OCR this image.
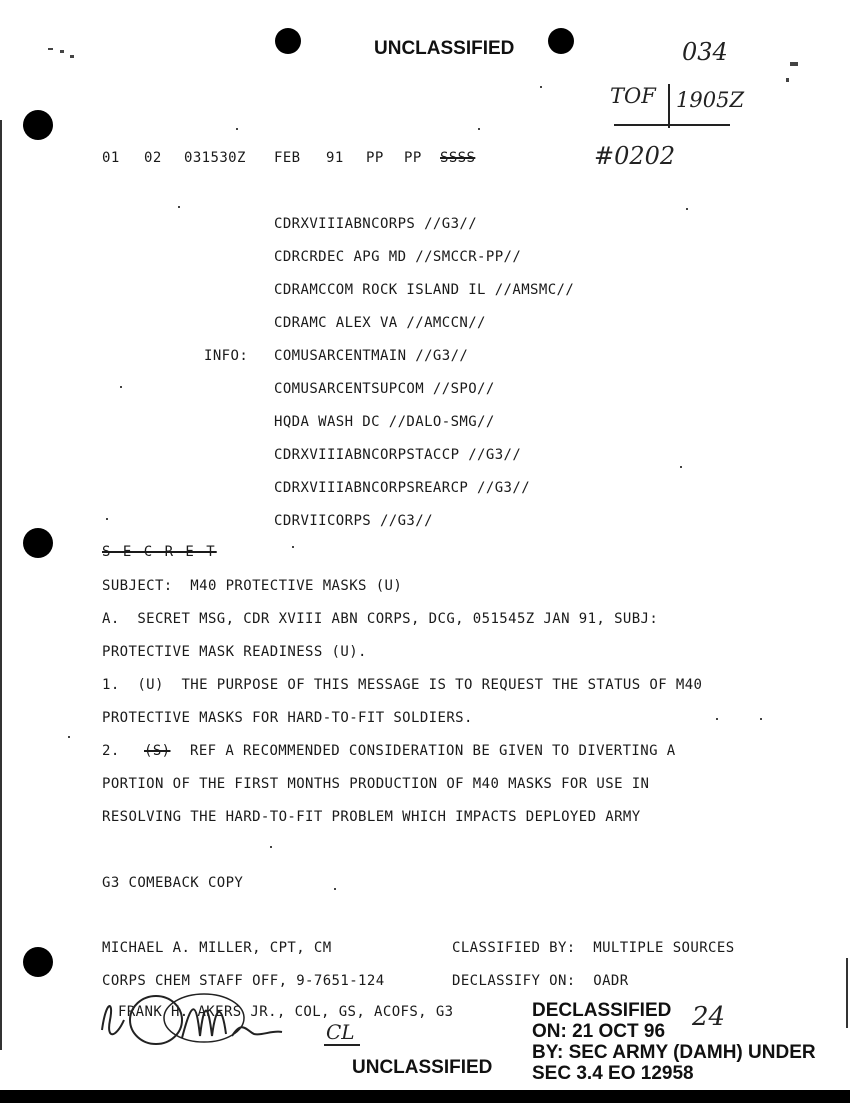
UNCLASSIFIED	034
TOF 1905Z
#0202
01 02 031530Z FEB 91 PP PP SSSS
CDRXVIIIABNCORPS //G3//
CDRCRDEC APG MD //SMCCR-PP//
CDRAMCCOM ROCK ISLAND IL //AMSMC//
CDRAMC ALEX VA //AMCCN//
INFO: COMUSARCENTMAIN //G3//
COMUSARCENTSUPCOM //SPO//
HQDA WASH DC //DALO-SMG//
CDRXVIIIABNCORPSTACCP //G3//
CDRXVIIIABNCORPSREARCP //G3//
CDRVIICORPS //G3//
S E C R E T
SUBJECT:  M40 PROTECTIVE MASKS (U)
A.  SECRET MSG, CDR XVIII ABN CORPS, DCG, 051545Z JAN 91, SUBJ:
PROTECTIVE MASK READINESS (U).
1.  (U)  THE PURPOSE OF THIS MESSAGE IS TO REQUEST THE STATUS OF M40
PROTECTIVE MASKS FOR HARD-TO-FIT SOLDIERS.
2. (S) REF A RECOMMENDED CONSIDERATION BE GIVEN TO DIVERTING A
PORTION OF THE FIRST MONTHS PRODUCTION OF M40 MASKS FOR USE IN
RESOLVING THE HARD-TO-FIT PROBLEM WHICH IMPACTS DEPLOYED ARMY
G3 COMEBACK COPY
MICHAEL A. MILLER, CPT, CM	CLASSIFIED BY:  MULTIPLE SOURCES
CORPS CHEM STAFF OFF, 9-7651-124	DECLASSIFY ON:  OADR
FRANK H. AKERS JR., COL, GS, ACOFS, G3
CL
DECLASSIFIED
ON: 21 OCT 96 24
BY: SEC ARMY (DAMH) UNDER
SEC 3.4 EO 12958
UNCLASSIFIED
